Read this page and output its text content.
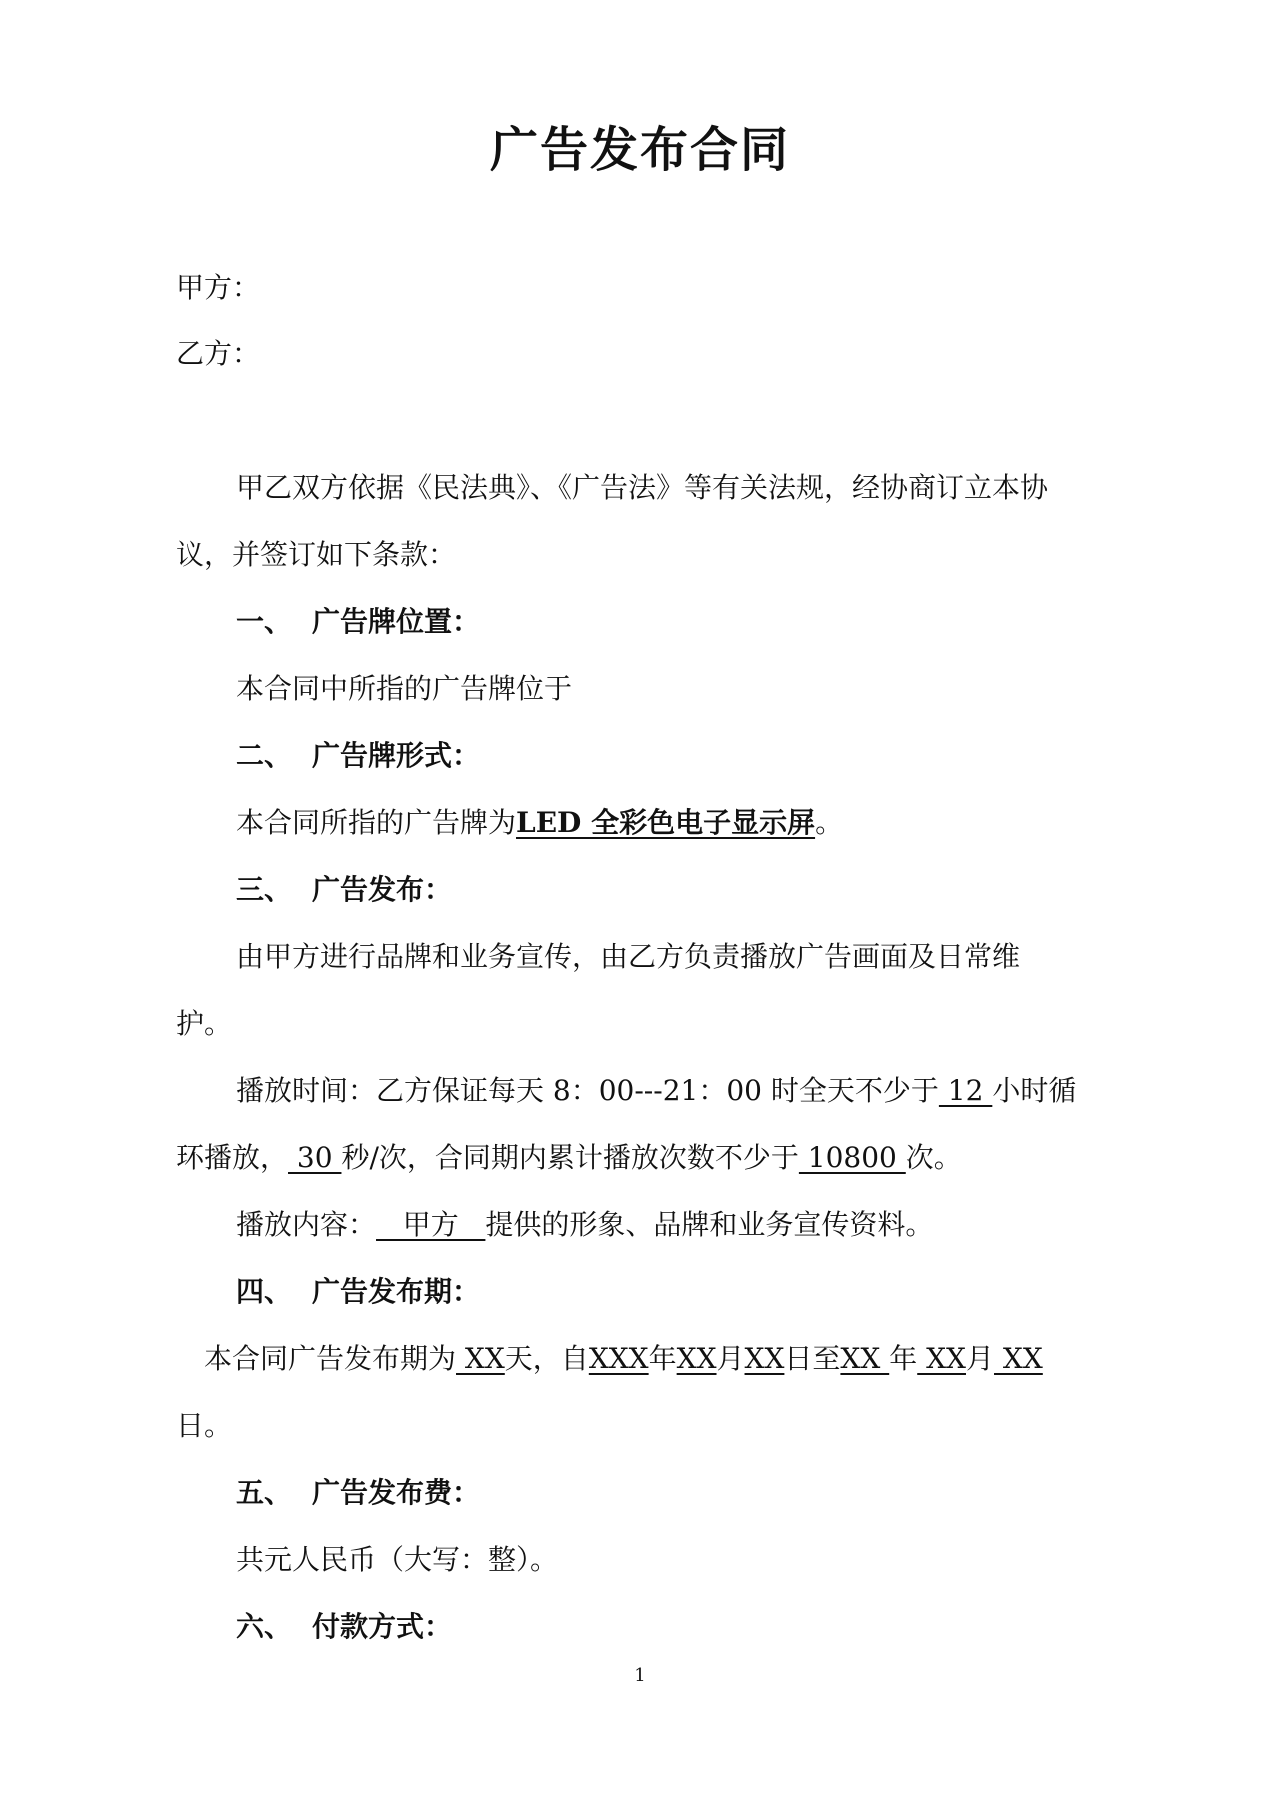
广告发布合同
甲方：
乙方：
甲乙双方依据《民法典》、《广告法》等有关法规，经协商订立本协
议，并签订如下条款：
一、 广告牌位置：
本合同中所指的广告牌位于
二、 广告牌形式：
本合同所指的广告牌为LED 全彩色电子显示屏。
三、 广告发布：
由甲方进行品牌和业务宣传，由乙方负责播放广告画面及日常维
护。
播放时间：乙方保证每天 8：00---21：00 时全天不少于 12 小时循
环播放， 30 秒/次，合同期内累计播放次数不少于 10800 次。
播放内容：   甲方   提供的形象、品牌和业务宣传资料。
四、 广告发布期：
本合同广告发布期为 XX天，自XXX年XX月XX日至XX 年 XX月 XX
日。
五、 广告发布费：
共元人民币（大写：整）。
六、 付款方式：
1
